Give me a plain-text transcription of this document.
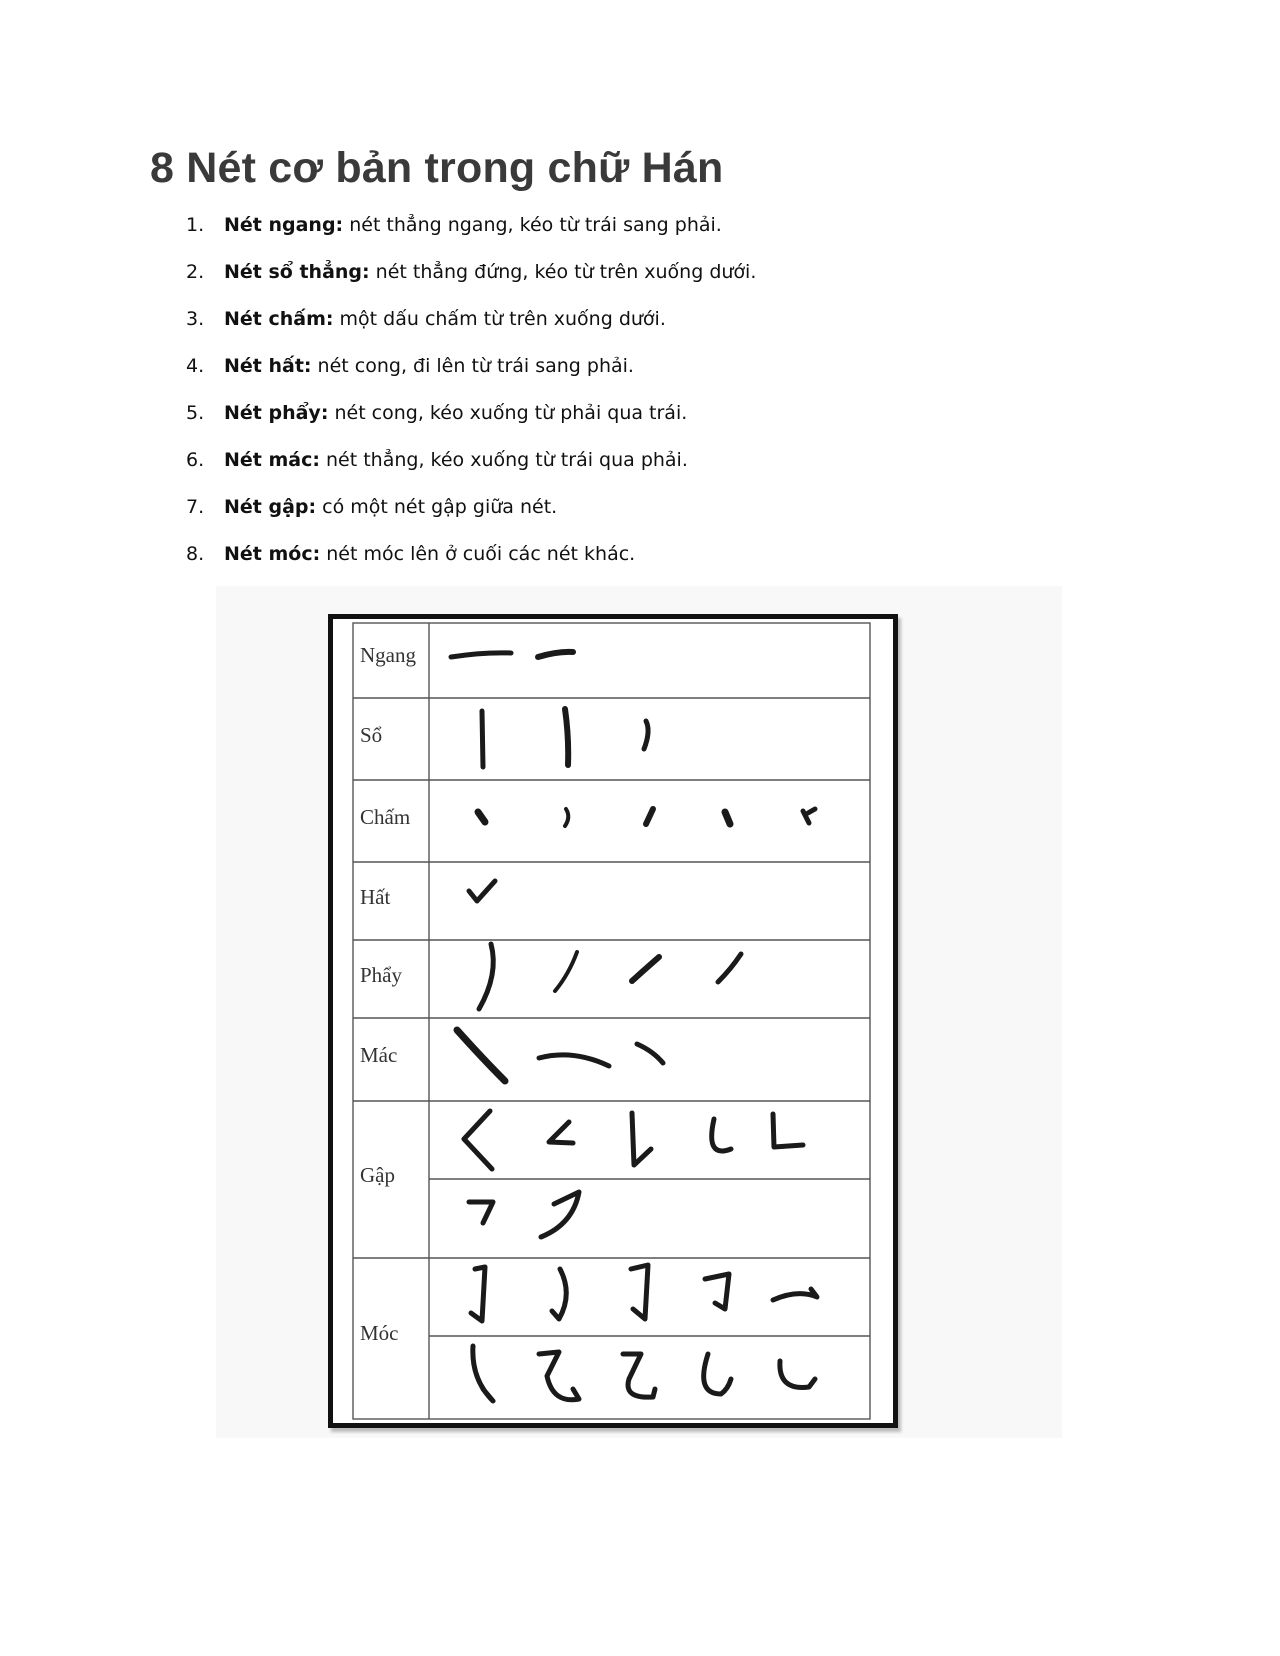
8 Nét cơ bản trong chữ Hán
1.	Nét ngang: nét thẳng ngang, kéo từ trái sang phải.
2.	Nét sổ thẳng: nét thẳng đứng, kéo từ trên xuống dưới.
3.	Nét chấm: một dấu chấm từ trên xuống dưới.
4.	Nét hất: nét cong, đi lên từ trái sang phải.
5.	Nét phẩy: nét cong, kéo xuống từ phải qua trái.
6.	Nét mác: nét thẳng, kéo xuống từ trái qua phải.
7.	Nét gập: có một nét gập giữa nét.
8.	Nét móc: nét móc lên ở cuối các nét khác.
Ngang
Sổ
Chấm
Hất
Phẩy
Mác
Gập
Móc
